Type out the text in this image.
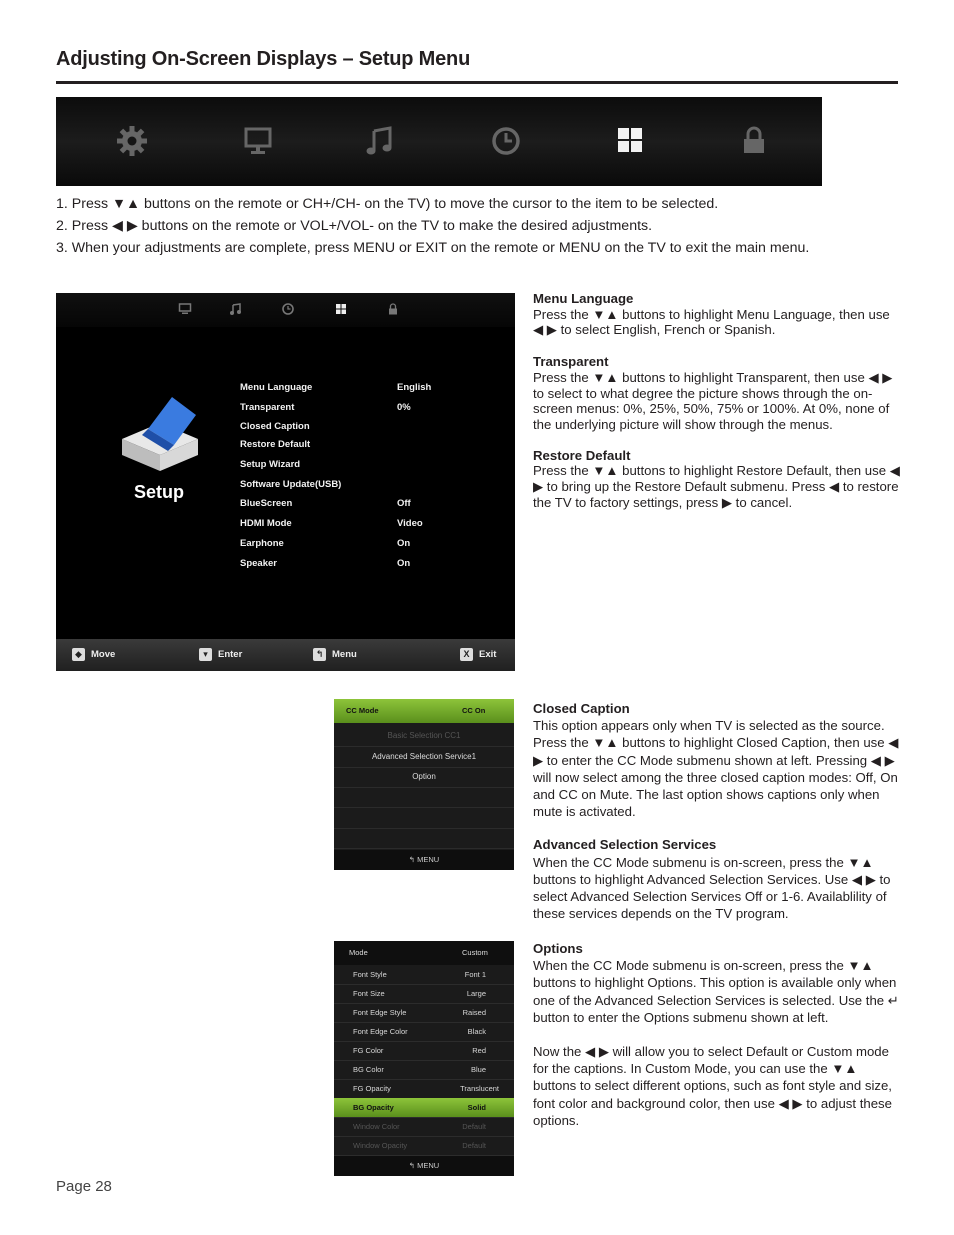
Adjusting On-Screen Displays – Setup Menu

1. Press ▼▲ buttons on the remote or CH+/CH- on the TV) to move the cursor to the item to be selected.

2. Press ◀ ▶ buttons on the remote or VOL+/VOL- on the TV to make the desired adjustments.

3. When your adjustments are complete, press MENU or EXIT on the remote or MENU on the TV to exit the main menu.

Setup
Menu Language	English
Transparent	0%
Closed Caption
Restore Default
Setup Wizard
Software Update(USB)
BlueScreen	Off
HDMI Mode	Video
Earphone	On
Speaker	On
◆ Move	▾ Enter	↰ Menu	X Exit

Menu Language

Press the ▼▲ buttons to highlight Menu Language, then use ◀ ▶ to select English, French or Spanish.

Transparent

Press the ▼▲ buttons to highlight Transparent, then use ◀ ▶ to select to what degree the picture shows through the on-screen menus: 0%, 25%, 50%, 75% or 100%. At 0%, none of the underlying picture will show through the menus.

Restore Default

Press the ▼▲ buttons to highlight Restore Default, then use ◀ ▶ to bring up the Restore Default submenu. Press ◀ to restore the TV to factory settings, press ▶ to cancel.

CC Mode	CC On
Basic Selection CC1
Advanced Selection Service1
Option
↰ MENU

Closed Caption

This option appears only when TV is selected as the source. Press the ▼▲ buttons to highlight Closed Caption, then use ◀ ▶ to enter the CC Mode submenu shown at left. Pressing ◀ ▶ will now select among the three closed caption modes: Off, On and CC on Mute. The last option shows captions only when mute is activated.

Advanced Selection Services

When the CC Mode submenu is on-screen, press the ▼▲ buttons to highlight Advanced Selection Services. Use ◀ ▶ to select Advanced Selection Services Off or 1-6. Availablility of these services depends on the TV program.

Mode	Custom
Font Style	Font 1
Font Size	Large
Font Edge Style	Raised
Font Edge Color	Black
FG Color	Red
BG Color	Blue
FG Opacity	Translucent
BG Opacity	Solid
Window Color	Default
Window Opacity	Default
↰ MENU

Options

When the CC Mode submenu is on-screen, press the ▼▲ buttons to highlight Options. This option is available only when one of the Advanced Selection Services is selected. Use the ↵ button to enter the Options submenu shown at left.

Now the ◀ ▶ will allow you to select Default or Custom mode for the captions. In Custom Mode, you can use the ▼▲ buttons to select different options, such as font style and size, font color and background color, then use ◀ ▶ to adjust these options.

Page 28
